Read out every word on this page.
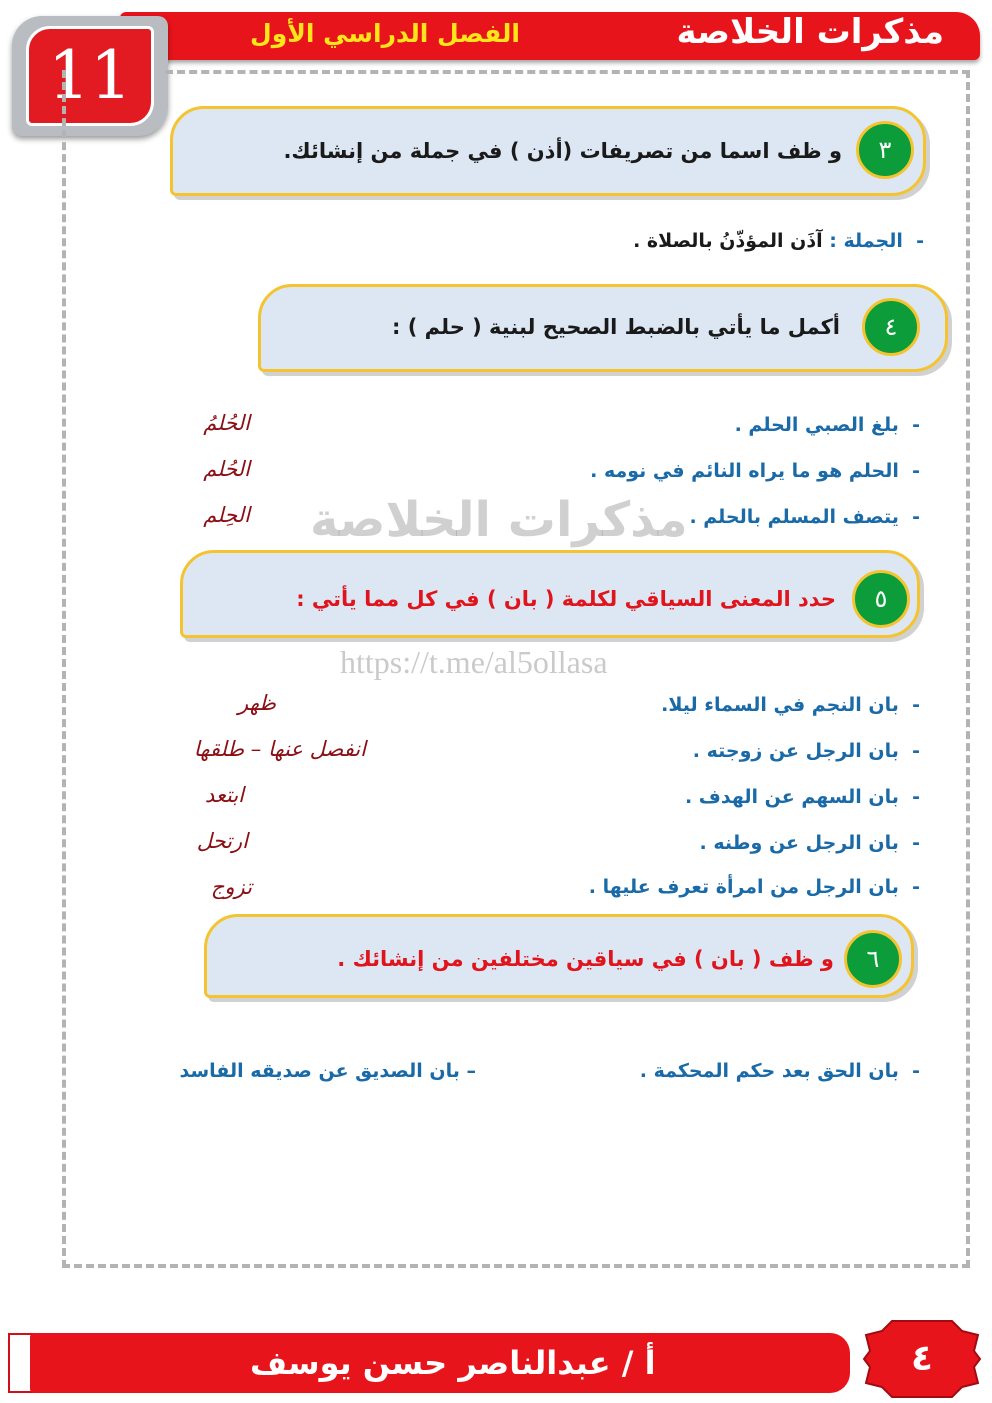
مذكرات الخلاصة
الفصل الدراسي الأول
11
مذكرات الخلاصة
https://t.me/al5ollasa
٣
و ظف اسما من تصريفات (أذن ) في جملة من إنشائك.
-  الجملة : آذَن المؤذّنُ بالصلاة .
٤
أكمل ما يأتي بالضبط الصحيح لبنية ( حلم ) :
-  بلغ الصبي الحلم .
الحُلمُ
-  الحلم هو ما يراه النائم في نومه .
الحُلم
-  يتصف المسلم بالحلم .
الحِلم
٥
حدد المعنى السياقي لكلمة ( بان ) في كل مما يأتي :
-  بان النجم في السماء ليلا.
ظهر
-  بان الرجل عن زوجته .
انفصل عنها – طلقها
-  بان السهم عن الهدف .
ابتعد
-  بان الرجل عن وطنه .
ارتحل
-  بان الرجل من امرأة تعرف عليها .
تزوج
٦
و ظف ( بان ) في سياقين مختلفين من إنشائك .
-  بان الحق بعد حكم المحكمة .
– بان الصديق عن صديقه الفاسد
أ / عبدالناصر حسن يوسف	٤
